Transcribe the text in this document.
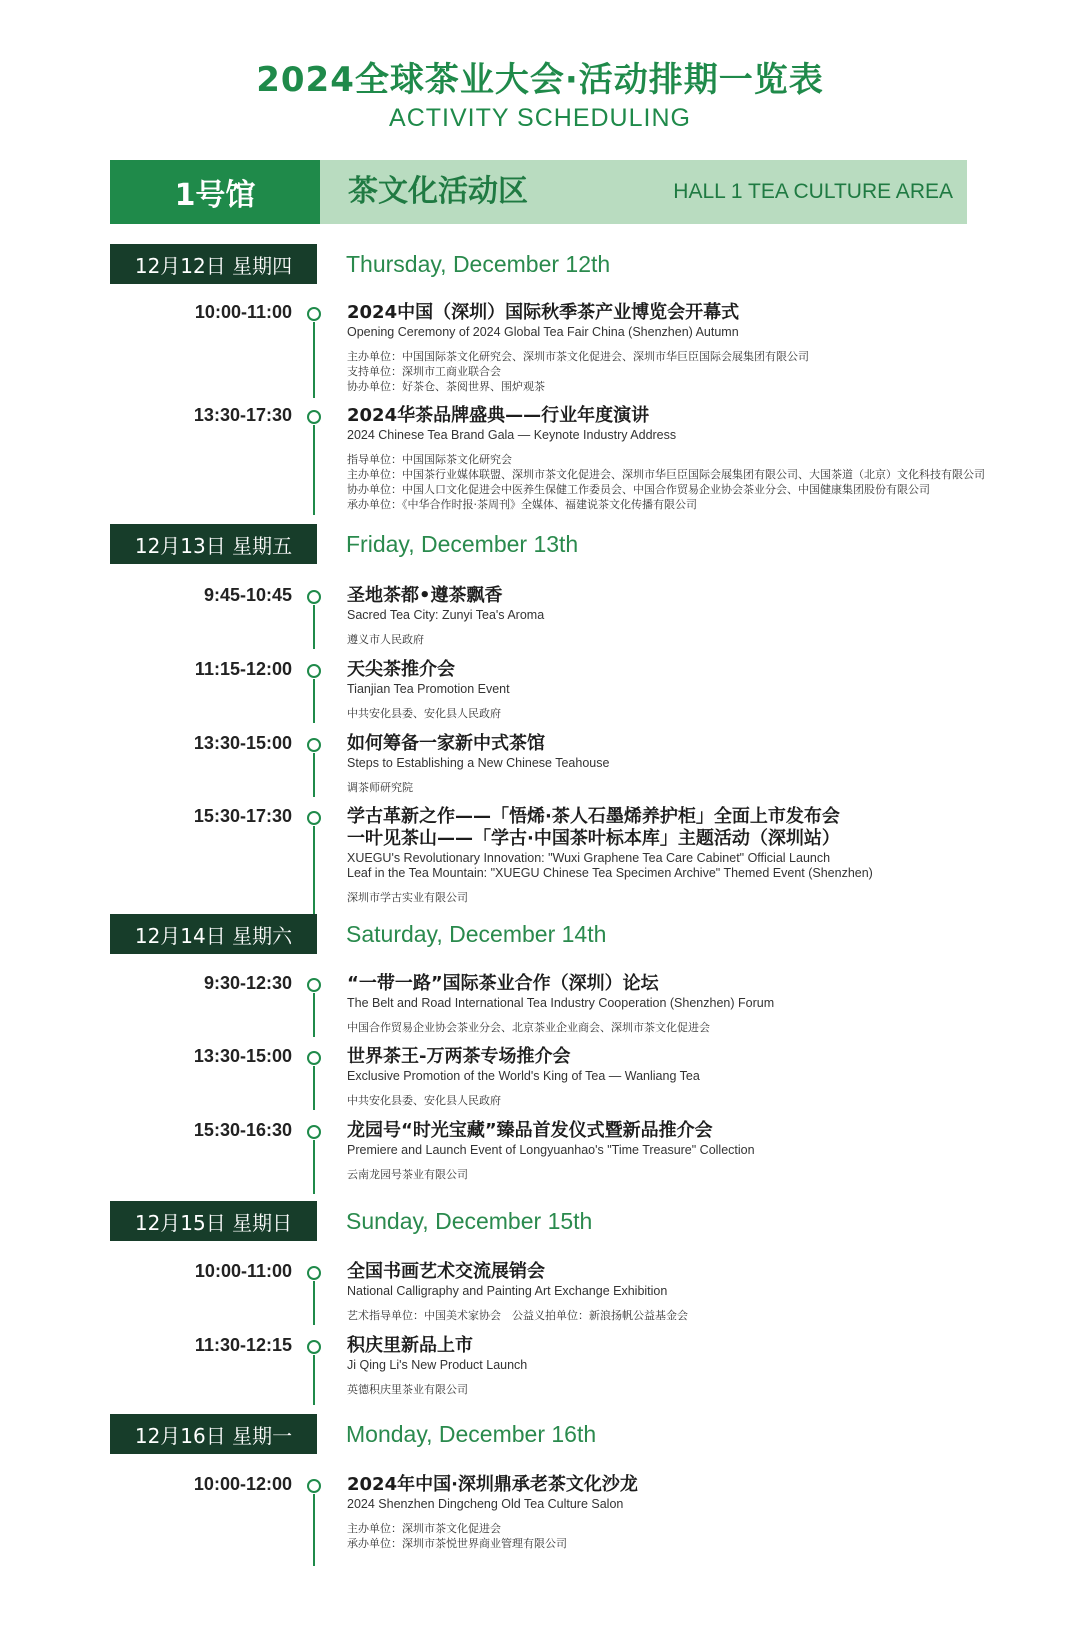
2024全球茶业大会·活动排期一览表
ACTIVITY SCHEDULING
1号馆	茶文化活动区	HALL 1 TEA CULTURE AREA
12月12日 星期四	Thursday, December 12th
10:00-11:00	2024中国（深圳）国际秋季茶产业博览会开幕式
Opening Ceremony of 2024 Global Tea Fair China (Shenzhen) Autumn
主办单位：中国国际茶文化研究会、深圳市茶文化促进会、深圳市华巨臣国际会展集团有限公司
支持单位：深圳市工商业联合会
协办单位：好茶仓、茶阅世界、围炉观茶
13:30-17:30	2024华茶品牌盛典——行业年度演讲
2024 Chinese Tea Brand Gala — Keynote Industry Address
指导单位：中国国际茶文化研究会
主办单位：中国茶行业媒体联盟、深圳市茶文化促进会、深圳市华巨臣国际会展集团有限公司、大国茶道（北京）文化科技有限公司
协办单位：中国人口文化促进会中医养生保健工作委员会、中国合作贸易企业协会茶业分会、中国健康集团股份有限公司
承办单位：《中华合作时报·茶周刊》全媒体、福建说茶文化传播有限公司
12月13日 星期五	Friday, December 13th
9:45-10:45	圣地茶都•遵茶飘香
Sacred Tea City: Zunyi Tea's Aroma
遵义市人民政府
11:15-12:00	天尖茶推介会
Tianjian Tea Promotion Event
中共安化县委、安化县人民政府
13:30-15:00	如何筹备一家新中式茶馆
Steps to Establishing a New Chinese Teahouse
调茶师研究院
15:30-17:30	学古革新之作——「悟烯·茶人石墨烯养护柜」全面上市发布会
一叶见茶山——「学古·中国茶叶标本库」主题活动（深圳站）
XUEGU's Revolutionary Innovation: "Wuxi Graphene Tea Care Cabinet" Official Launch
Leaf in the Tea Mountain: "XUEGU Chinese Tea Specimen Archive" Themed Event (Shenzhen)
深圳市学古实业有限公司
12月14日 星期六	Saturday, December 14th
9:30-12:30	“一带一路”国际茶业合作（深圳）论坛
The Belt and Road International Tea Industry Cooperation (Shenzhen) Forum
中国合作贸易企业协会茶业分会、北京茶业企业商会、深圳市茶文化促进会
13:30-15:00	世界茶王-万两茶专场推介会
Exclusive Promotion of the World's King of Tea — Wanliang Tea
中共安化县委、安化县人民政府
15:30-16:30	龙园号“时光宝藏”臻品首发仪式暨新品推介会
Premiere and Launch Event of Longyuanhao's "Time Treasure" Collection
云南龙园号茶业有限公司
12月15日 星期日	Sunday, December 15th
10:00-11:00	全国书画艺术交流展销会
National Calligraphy and Painting Art Exchange Exhibition
艺术指导单位：中国美术家协会　公益义拍单位：新浪扬帆公益基金会
11:30-12:15	积庆里新品上市
Ji Qing Li's New Product Launch
英德积庆里茶业有限公司
12月16日 星期一	Monday, December 16th
10:00-12:00	2024年中国·深圳鼎承老茶文化沙龙
2024 Shenzhen Dingcheng Old Tea Culture Salon
主办单位：深圳市茶文化促进会
承办单位：深圳市茶悦世界商业管理有限公司
